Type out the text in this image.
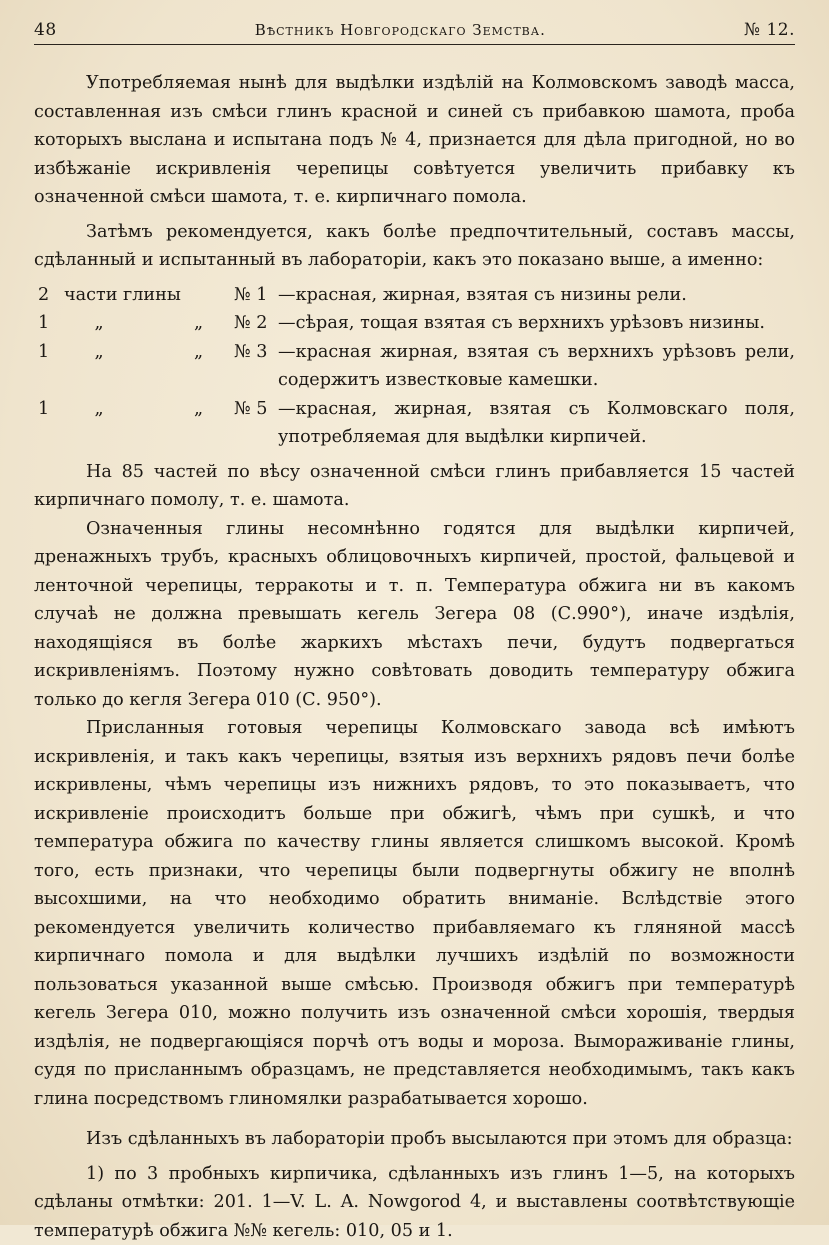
48	Вѣстникъ Новгородскаго Земства.	№ 12.

Употребляемая нынѣ для выдѣлки издѣлій на Колмовскомъ заводѣ масса, составленная изъ смѣси глинъ красной и синей съ прибавкою шамота, проба которыхъ выслана и испытана подъ № 4, признается для дѣла пригодной, но во избѣжаніе искривленія черепицы совѣтуется увеличить прибавку къ означенной смѣси шамота, т. е. кирпичнаго помола.

Затѣмъ рекомендуется, какъ болѣе предпочтительный, составъ массы, сдѣланный и испытанный въ лабораторіи, какъ это показано выше, а именно:

2 части глины	№ 1 —красная, жирная, взятая съ низины рели.
1	„	„	№ 2 —сѣрая, тощая взятая съ верхнихъ урѣзовъ низины.
1	„	„	№ 3 —красная жирная, взятая съ верхнихъ урѣзовъ рели, содержитъ известковые камешки.
1	„	„	№ 5 —красная, жирная, взятая съ Колмовскаго поля, употребляемая для выдѣлки кирпичей.

На 85 частей по вѣсу означенной смѣси глинъ прибавляется 15 частей кирпичнаго помолу, т. е. шамота.

Означенныя глины несомнѣнно годятся для выдѣлки кирпичей, дренажныхъ трубъ, красныхъ облицовочныхъ кирпичей, простой, фальцевой и ленточной черепицы, терракоты и т. п. Температура обжига ни въ какомъ случаѣ не должна превышать кегель Зегера 08 (С.990°), иначе издѣлія, находящіяся въ болѣе жаркихъ мѣстахъ печи, будутъ подвергаться искривленіямъ. Поэтому нужно совѣтовать доводить температуру обжига только до кегля Зегера 010 (С. 950°).

Присланныя готовыя черепицы Колмовскаго завода всѣ имѣютъ искривленія, и такъ какъ черепицы, взятыя изъ верхнихъ рядовъ печи болѣе искривлены, чѣмъ черепицы изъ нижнихъ рядовъ, то это показываетъ, что искривленіе происходитъ больше при обжигѣ, чѣмъ при сушкѣ, и что температура обжига по качеству глины является слишкомъ высокой. Кромѣ того, есть признаки, что черепицы были подвергнуты обжигу не вполнѣ высохшими, на что необходимо обратить вниманіе. Вслѣдствіе этого рекомендуется увеличить количество прибавляемаго къ гляняной массѣ кирпичнаго помола и для выдѣлки лучшихъ издѣлій по возможности пользоваться указанной выше смѣсью. Производя обжигъ при температурѣ кегель Зегера 010, можно получить изъ означенной смѣси хорошія, твердыя издѣлія, не подвергающіяся порчѣ отъ воды и мороза. Вымораживаніе глины, судя по присланнымъ образцамъ, не представляется необходимымъ, такъ какъ глина посредствомъ глиномялки разрабатывается хорошо.

Изъ сдѣланныхъ въ лабораторіи пробъ высылаются при этомъ для образца:

1) по 3 пробныхъ кирпичика, сдѣланныхъ изъ глинъ 1—5, на которыхъ сдѣланы отмѣтки: 201. 1—V. L. A. Nowgorod 4, и выставлены соотвѣтствующіе температурѣ обжига №№ кегель: 010, 05 и 1.
